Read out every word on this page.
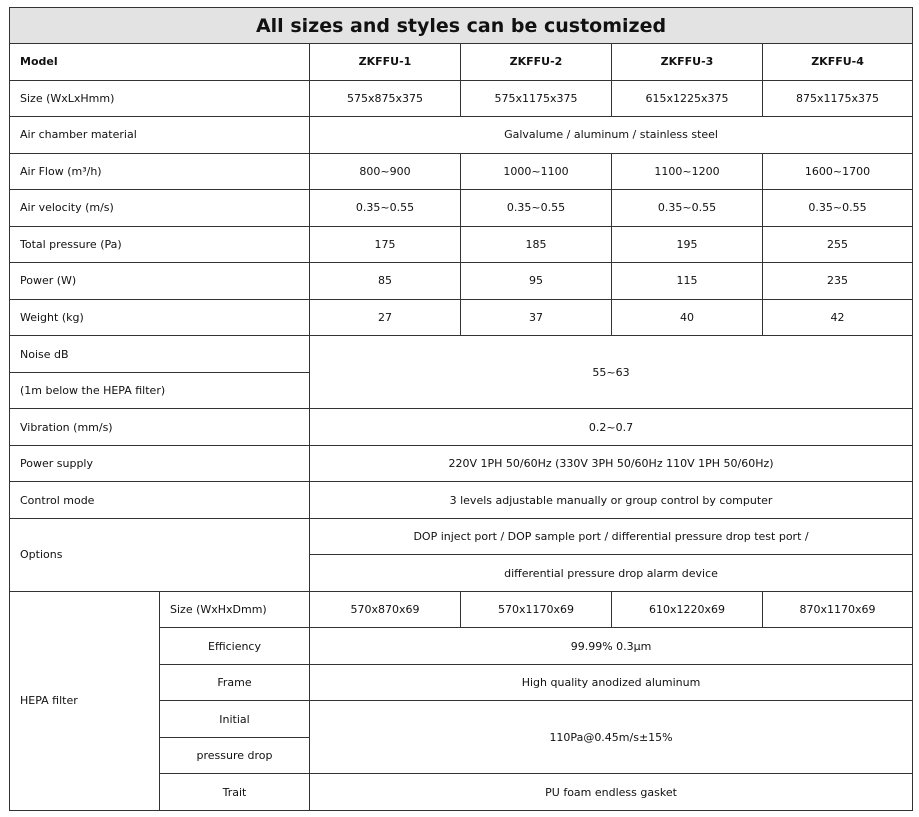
All sizes and styles can be customized					
Model		ZKFFU-1	ZKFFU-2	ZKFFU-3	ZKFFU-4
Size (WxLxHmm)		575x875x375	575x1175x375	615x1225x375	875x1175x375
Air chamber material		Galvalume / aluminum / stainless steel			
Air Flow (m³/h)		800~900	1000~1100	1100~1200	1600~1700
Air velocity (m/s)		0.35~0.55	0.35~0.55	0.35~0.55	0.35~0.55
Total pressure (Pa)		175	185	195	255
Power (W)		85	95	115	235
Weight (kg)		27	37	40	42
Noise dB		55~63			
(1m below the HEPA filter)					
Vibration (mm/s)		0.2~0.7			
Power supply		220V 1PH 50/60Hz (330V 3PH 50/60Hz 110V 1PH 50/60Hz)			
Control mode		3 levels adjustable manually or group control by computer			
Options		DOP inject port / DOP sample port / differential pressure drop test port /			
		differential pressure drop alarm device			
HEPA filter	Size (WxHxDmm)	570x870x69	570x1170x69	610x1220x69	870x1170x69
	Efficiency	99.99% 0.3μm			
	Frame	High quality anodized aluminum			
	Initial	110Pa@0.45m/s±15%			
	pressure drop				
	Trait	PU foam endless gasket			
